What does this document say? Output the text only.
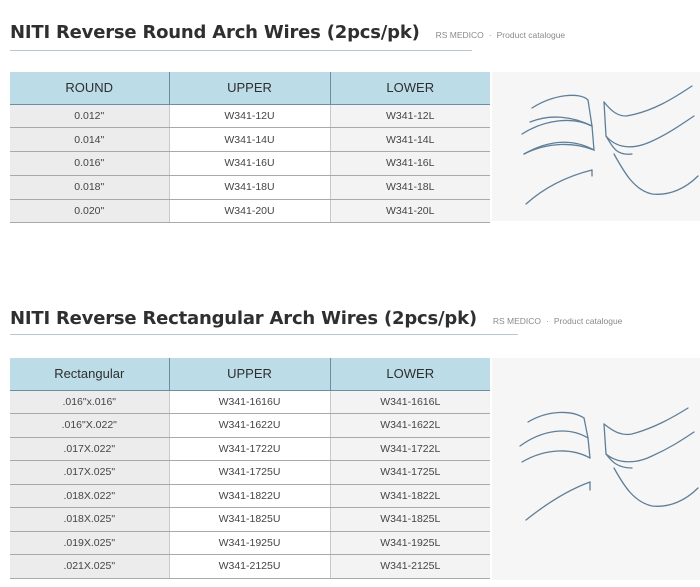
NITI Reverse Round Arch Wires (2pcs/pk) RS MEDICO · Product catalogue
ROUND	UPPER	LOWER
0.012"	W341-12U	W341-12L
0.014"	W341-14U	W341-14L
0.016"	W341-16U	W341-16L
0.018"	W341-18U	W341-18L
0.020"	W341-20U	W341-20L
NITI Reverse Rectangular Arch Wires (2pcs/pk) RS MEDICO · Product catalogue
Rectangular	UPPER	LOWER
.016"x.016"	W341-1616U	W341-1616L
.016"X.022"	W341-1622U	W341-1622L
.017X.022"	W341-1722U	W341-1722L
.017X.025"	W341-1725U	W341-1725L
.018X.022"	W341-1822U	W341-1822L
.018X.025"	W341-1825U	W341-1825L
.019X.025"	W341-1925U	W341-1925L
.021X.025"	W341-2125U	W341-2125L
